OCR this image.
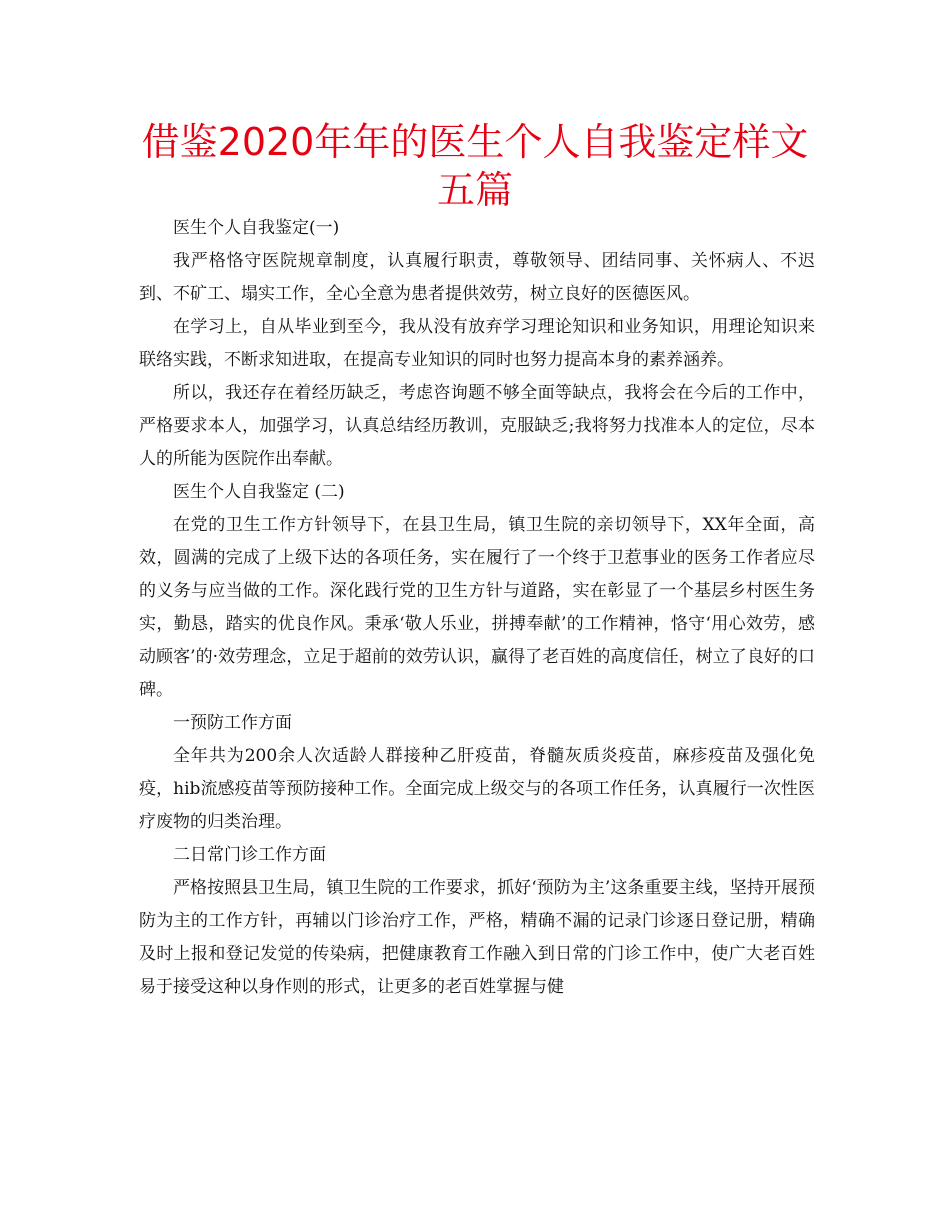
借鉴2020年年的医生个人自我鉴定样文五篇

医生个人自我鉴定(一)

我严格恪守医院规章制度，认真履行职责，尊敬领导、团结同事、关怀病人、不迟到、不矿工、塌实工作，全心全意为患者提供效劳，树立良好的医德医风。

在学习上，自从毕业到至今，我从没有放弃学习理论知识和业务知识，用理论知识来联络实践，不断求知进取，在提高专业知识的同时也努力提高本身的素养涵养。

所以，我还存在着经历缺乏，考虑咨询题不够全面等缺点，我将会在今后的工作中，严格要求本人，加强学习，认真总结经历教训，克服缺乏;我将努力找准本人的定位，尽本人的所能为医院作出奉献。

医生个人自我鉴定 (二)

在党的卫生工作方针领导下，在县卫生局，镇卫生院的亲切领导下，XX年全面，高效，圆满的完成了上级下达的各项任务，实在履行了一个终于卫惹事业的医务工作者应尽的义务与应当做的工作。深化践行党的卫生方针与道路，实在彰显了一个基层乡村医生务实，勤恳，踏实的优良作风。秉承‘敬人乐业，拼搏奉献’的工作精神，恪守‘用心效劳，感动顾客’的·效劳理念，立足于超前的效劳认识，赢得了老百姓的高度信任，树立了良好的口碑。

一预防工作方面

全年共为200余人次适龄人群接种乙肝疫苗，脊髓灰质炎疫苗，麻疹疫苗及强化免疫，hib流感疫苗等预防接种工作。全面完成上级交与的各项工作任务，认真履行一次性医疗废物的归类治理。

二日常门诊工作方面

严格按照县卫生局，镇卫生院的工作要求，抓好‘预防为主’这条重要主线，坚持开展预防为主的工作方针，再辅以门诊治疗工作，严格，精确不漏的记录门诊逐日登记册，精确及时上报和登记发觉的传染病，把健康教育工作融入到日常的门诊工作中，使广大老百姓易于接受这种以身作则的形式，让更多的老百姓掌握与健
